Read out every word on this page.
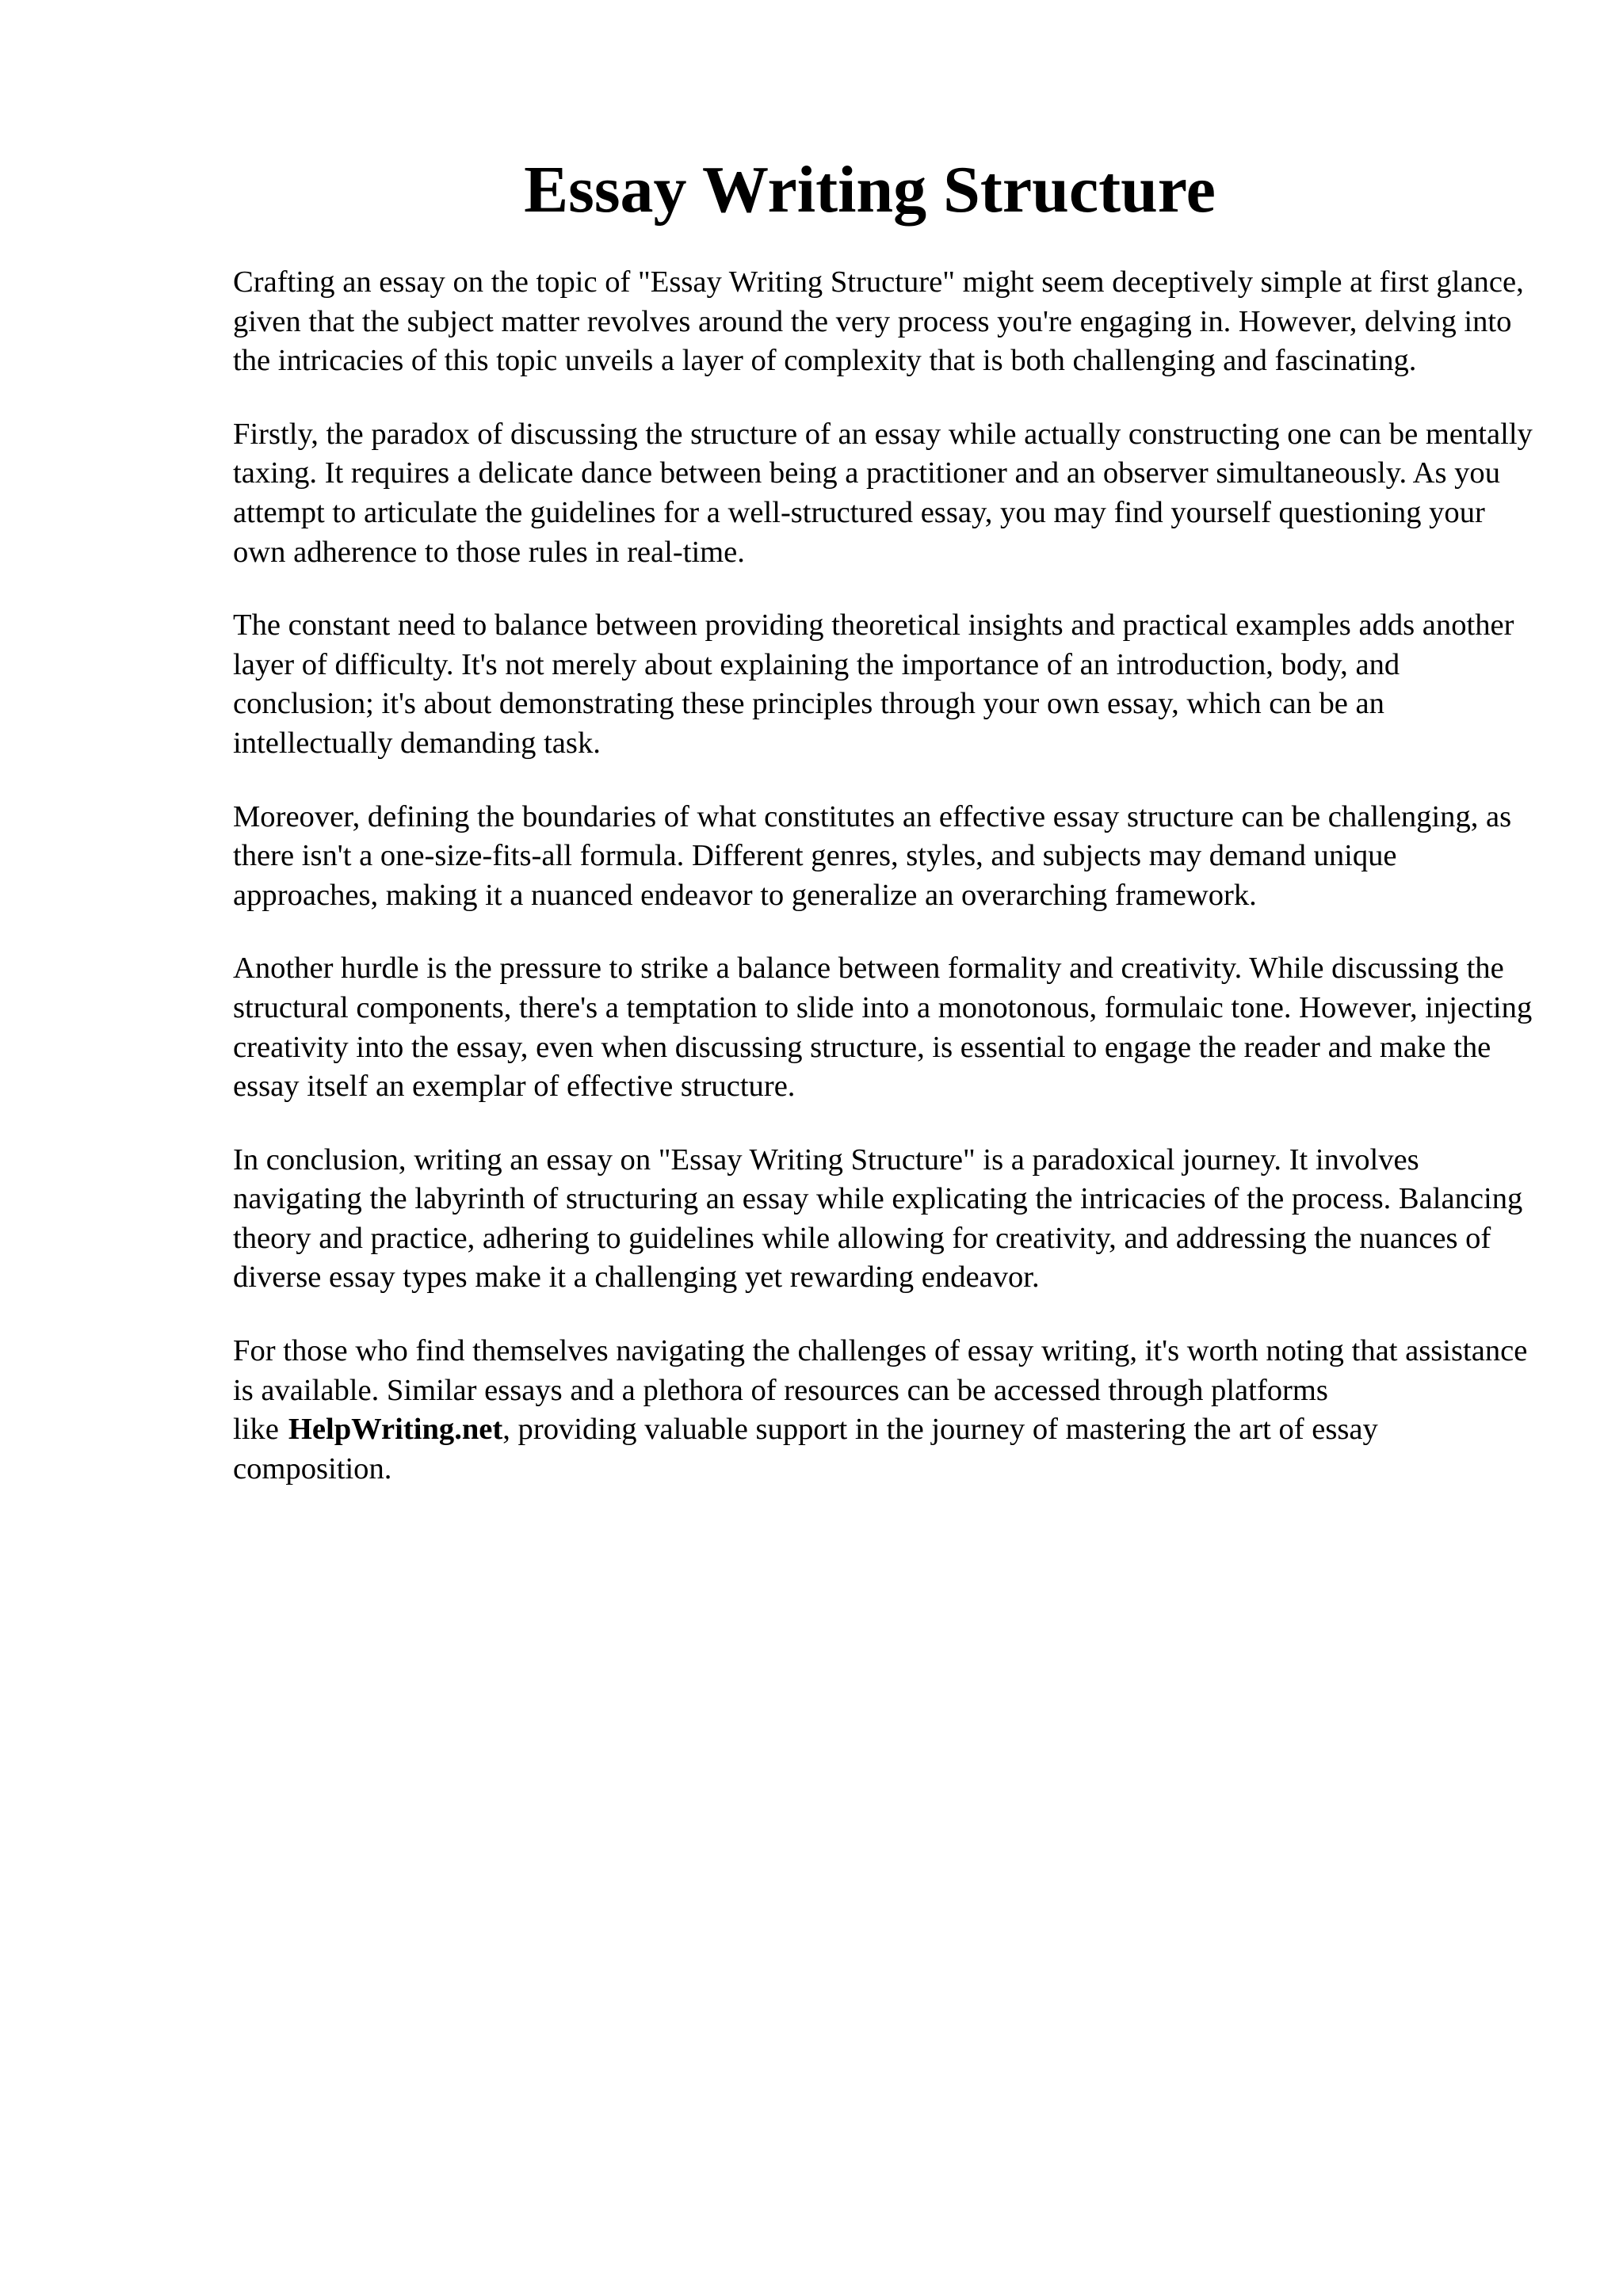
Essay Writing Structure

Crafting an essay on the topic of "Essay Writing Structure" might seem deceptively simple at first glance, given that the subject matter revolves around the very process you're engaging in. However, delving into the intricacies of this topic unveils a layer of complexity that is both challenging and fascinating.

Firstly, the paradox of discussing the structure of an essay while actually constructing one can be mentally taxing. It requires a delicate dance between being a practitioner and an observer simultaneously. As you attempt to articulate the guidelines for a well-structured essay, you may find yourself questioning your own adherence to those rules in real-time.

The constant need to balance between providing theoretical insights and practical examples adds another layer of difficulty. It's not merely about explaining the importance of an introduction, body, and conclusion; it's about demonstrating these principles through your own essay, which can be an intellectually demanding task.

Moreover, defining the boundaries of what constitutes an effective essay structure can be challenging, as there isn't a one-size-fits-all formula. Different genres, styles, and subjects may demand unique approaches, making it a nuanced endeavor to generalize an overarching framework.

Another hurdle is the pressure to strike a balance between formality and creativity. While discussing the structural components, there's a temptation to slide into a monotonous, formulaic tone. However, injecting creativity into the essay, even when discussing structure, is essential to engage the reader and make the essay itself an exemplar of effective structure.

In conclusion, writing an essay on "Essay Writing Structure" is a paradoxical journey. It involves navigating the labyrinth of structuring an essay while explicating the intricacies of the process. Balancing theory and practice, adhering to guidelines while allowing for creativity, and addressing the nuances of diverse essay types make it a challenging yet rewarding endeavor.

For those who find themselves navigating the challenges of essay writing, it's worth noting that assistance is available. Similar essays and a plethora of resources can be accessed through platforms like HelpWriting.net, providing valuable support in the journey of mastering the art of essay composition.
